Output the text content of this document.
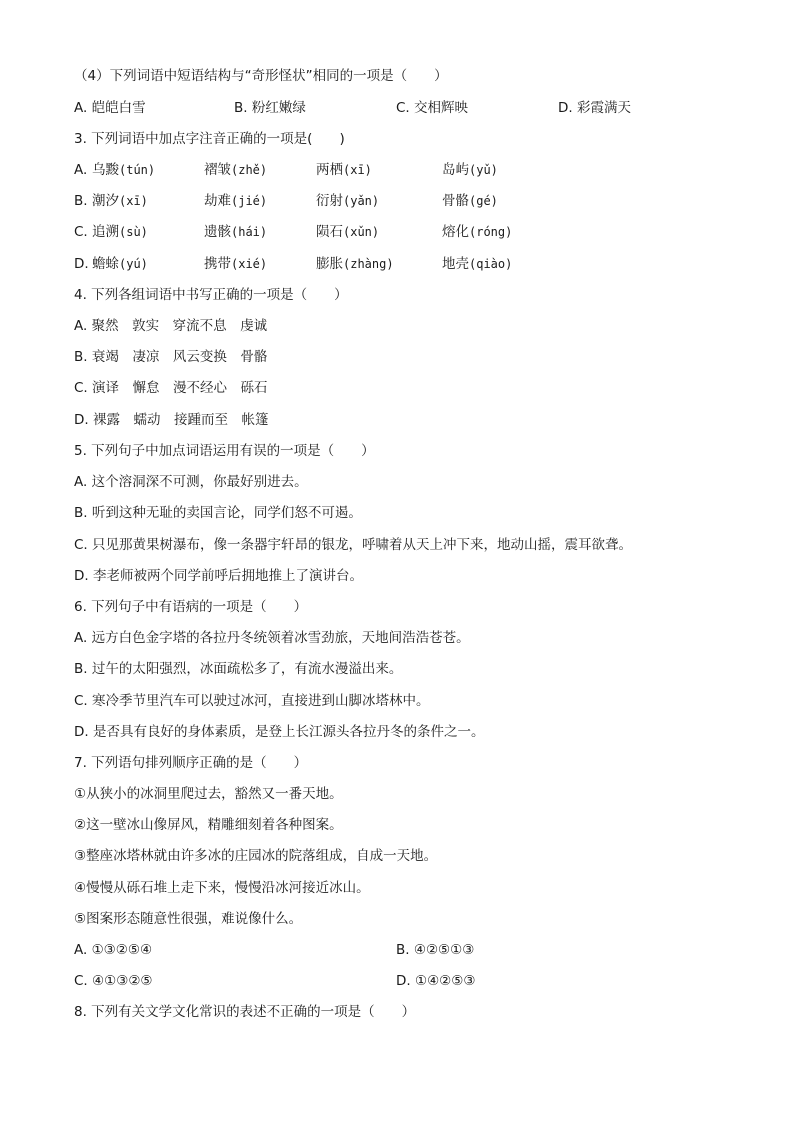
（4）下列词语中短语结构与“奇形怪状”相同的一项是（　　）
A. 皑皑白雪	B. 粉红嫩绿	C. 交相辉映	D. 彩霞满天
3. 下列词语中加点字注音正确的一项是(　　)
A. 乌黢(tún)	褶皱(zhě)	两栖(xī)	岛屿(yǔ)
B. 潮汐(xī)	劫难(jié)	衍射(yǎn)	骨骼(gé)
C. 追溯(sù)	遗骸(hái)	陨石(xǔn)	熔化(róng)
D. 蟾蜍(yú)	携带(xié)	膨胀(zhàng)	地壳(qiào)
4. 下列各组词语中书写正确的一项是（　　）
A. 聚然　敦实　穿流不息　虔诚
B. 衰竭　凄凉　风云变换　骨骼
C. 演译　懈怠　漫不经心　砾石
D. 裸露　蠕动　接踵而至　帐篷
5. 下列句子中加点词语运用有误的一项是（　　）
A. 这个溶洞深不可测，你最好别进去。
B. 听到这种无耻的卖国言论，同学们怒不可遏。
C. 只见那黄果树瀑布，像一条器宇轩昂的银龙，呼啸着从天上冲下来，地动山摇，震耳欲聋。
D. 李老师被两个同学前呼后拥地推上了演讲台。
6. 下列句子中有语病的一项是（　　）
A. 远方白色金字塔的各拉丹冬统领着冰雪劲旅，天地间浩浩苍苍。
B. 过午的太阳强烈，冰面疏松多了，有流水漫溢出来。
C. 寒冷季节里汽车可以驶过冰河，直接进到山脚冰塔林中。
D. 是否具有良好的身体素质，是登上长江源头各拉丹冬的条件之一。
7. 下列语句排列顺序正确的是（　　）
①从狭小的冰洞里爬过去，豁然又一番天地。
②这一壁冰山像屏风，精雕细刻着各种图案。
③整座冰塔林就由许多冰的庄园冰的院落组成，自成一天地。
④慢慢从砾石堆上走下来，慢慢沿冰河接近冰山。
⑤图案形态随意性很强，难说像什么。
A. ①③②⑤④	B. ④②⑤①③
C. ④①③②⑤	D. ①④②⑤③
8. 下列有关文学文化常识的表述不正确的一项是（　　）
